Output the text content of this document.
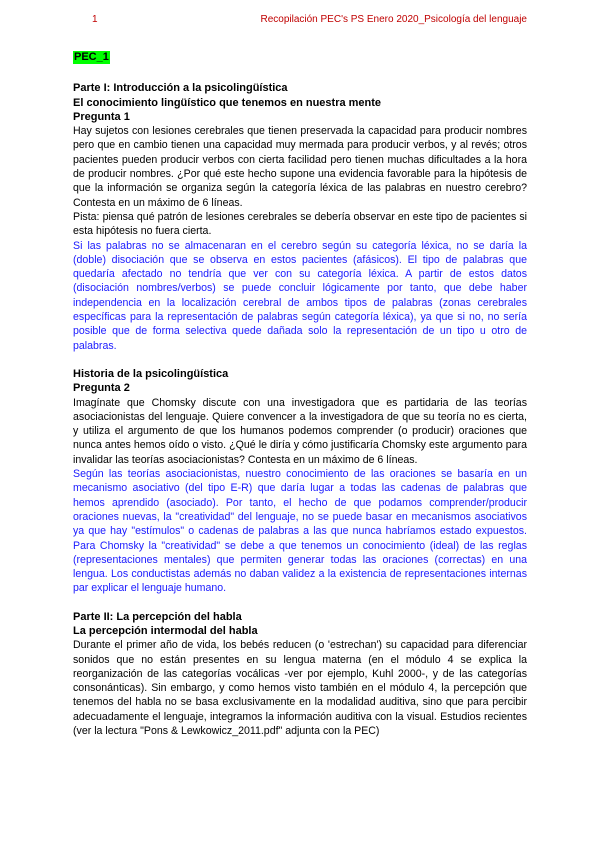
1	Recopilación PEC's PS Enero 2020_Psicología del lenguaje
PEC_1
Parte I: Introducción a la psicolingüística
El conocimiento lingüístico que tenemos en nuestra mente
Pregunta 1

Hay sujetos con lesiones cerebrales que tienen preservada la capacidad para producir nombres pero que en cambio tienen una capacidad muy mermada para producir verbos, y al revés; otros pacientes pueden producir verbos con cierta facilidad pero tienen muchas dificultades a la hora de producir nombres. ¿Por qué este hecho supone una evidencia favorable para la hipótesis de que la información se organiza según la categoría léxica de las palabras en nuestro cerebro? Contesta en un máximo de 6 líneas.

Pista: piensa qué patrón de lesiones cerebrales se debería observar en este tipo de pacientes si esta hipótesis no fuera cierta.

Si las palabras no se almacenaran en el cerebro según su categoría léxica, no se daría la (doble) disociación que se observa en estos pacientes (afásicos). El tipo de palabras que quedaría afectado no tendría que ver con su categoría léxica. A partir de estos datos (disociación nombres/verbos) se puede concluir lógicamente por tanto, que debe haber independencia en la localización cerebral de ambos tipos de palabras (zonas cerebrales específicas para la representación de palabras según categoría léxica), ya que si no, no sería posible que de forma selectiva quede dañada solo la representación de un tipo u otro de palabras.

Historia de la psicolingüística
Pregunta 2

Imagínate que Chomsky discute con una investigadora que es partidaria de las teorías asociacionistas del lenguaje. Quiere convencer a la investigadora de que su teoría no es cierta, y utiliza el argumento de que los humanos podemos comprender (o producir) oraciones que nunca antes hemos oído o visto. ¿Qué le diría y cómo justificaría Chomsky este argumento para invalidar las teorías asociacionistas? Contesta en un máximo de 6 líneas.

Según las teorías asociacionistas, nuestro conocimiento de las oraciones se basaría en un mecanismo asociativo (del tipo E-R) que daría lugar a todas las cadenas de palabras que hemos aprendido (asociado). Por tanto, el hecho de que podamos comprender/producir oraciones nuevas, la "creatividad" del lenguaje, no se puede basar en mecanismos asociativos ya que hay "estímulos" o cadenas de palabras a las que nunca habríamos estado expuestos. Para Chomsky la "creatividad" se debe a que tenemos un conocimiento (ideal) de las reglas (representaciones mentales) que permiten generar todas las oraciones (correctas) en una lengua. Los conductistas además no daban validez a la existencia de representaciones internas par explicar el lenguaje humano.

Parte II: La percepción del habla
La percepción intermodal del habla

Durante el primer año de vida, los bebés reducen (o 'estrechan') su capacidad para diferenciar sonidos que no están presentes en su lengua materna (en el módulo 4 se explica la reorganización de las categorías vocálicas -ver por ejemplo, Kuhl 2000-, y de las categorías consonánticas). Sin embargo, y como hemos visto también en el módulo 4, la percepción que tenemos del habla no se basa exclusivamente en la modalidad auditiva, sino que para percibir adecuadamente el lenguaje, integramos la información auditiva con la visual. Estudios recientes (ver la lectura "Pons & Lewkowicz_2011.pdf" adjunta con la PEC)
